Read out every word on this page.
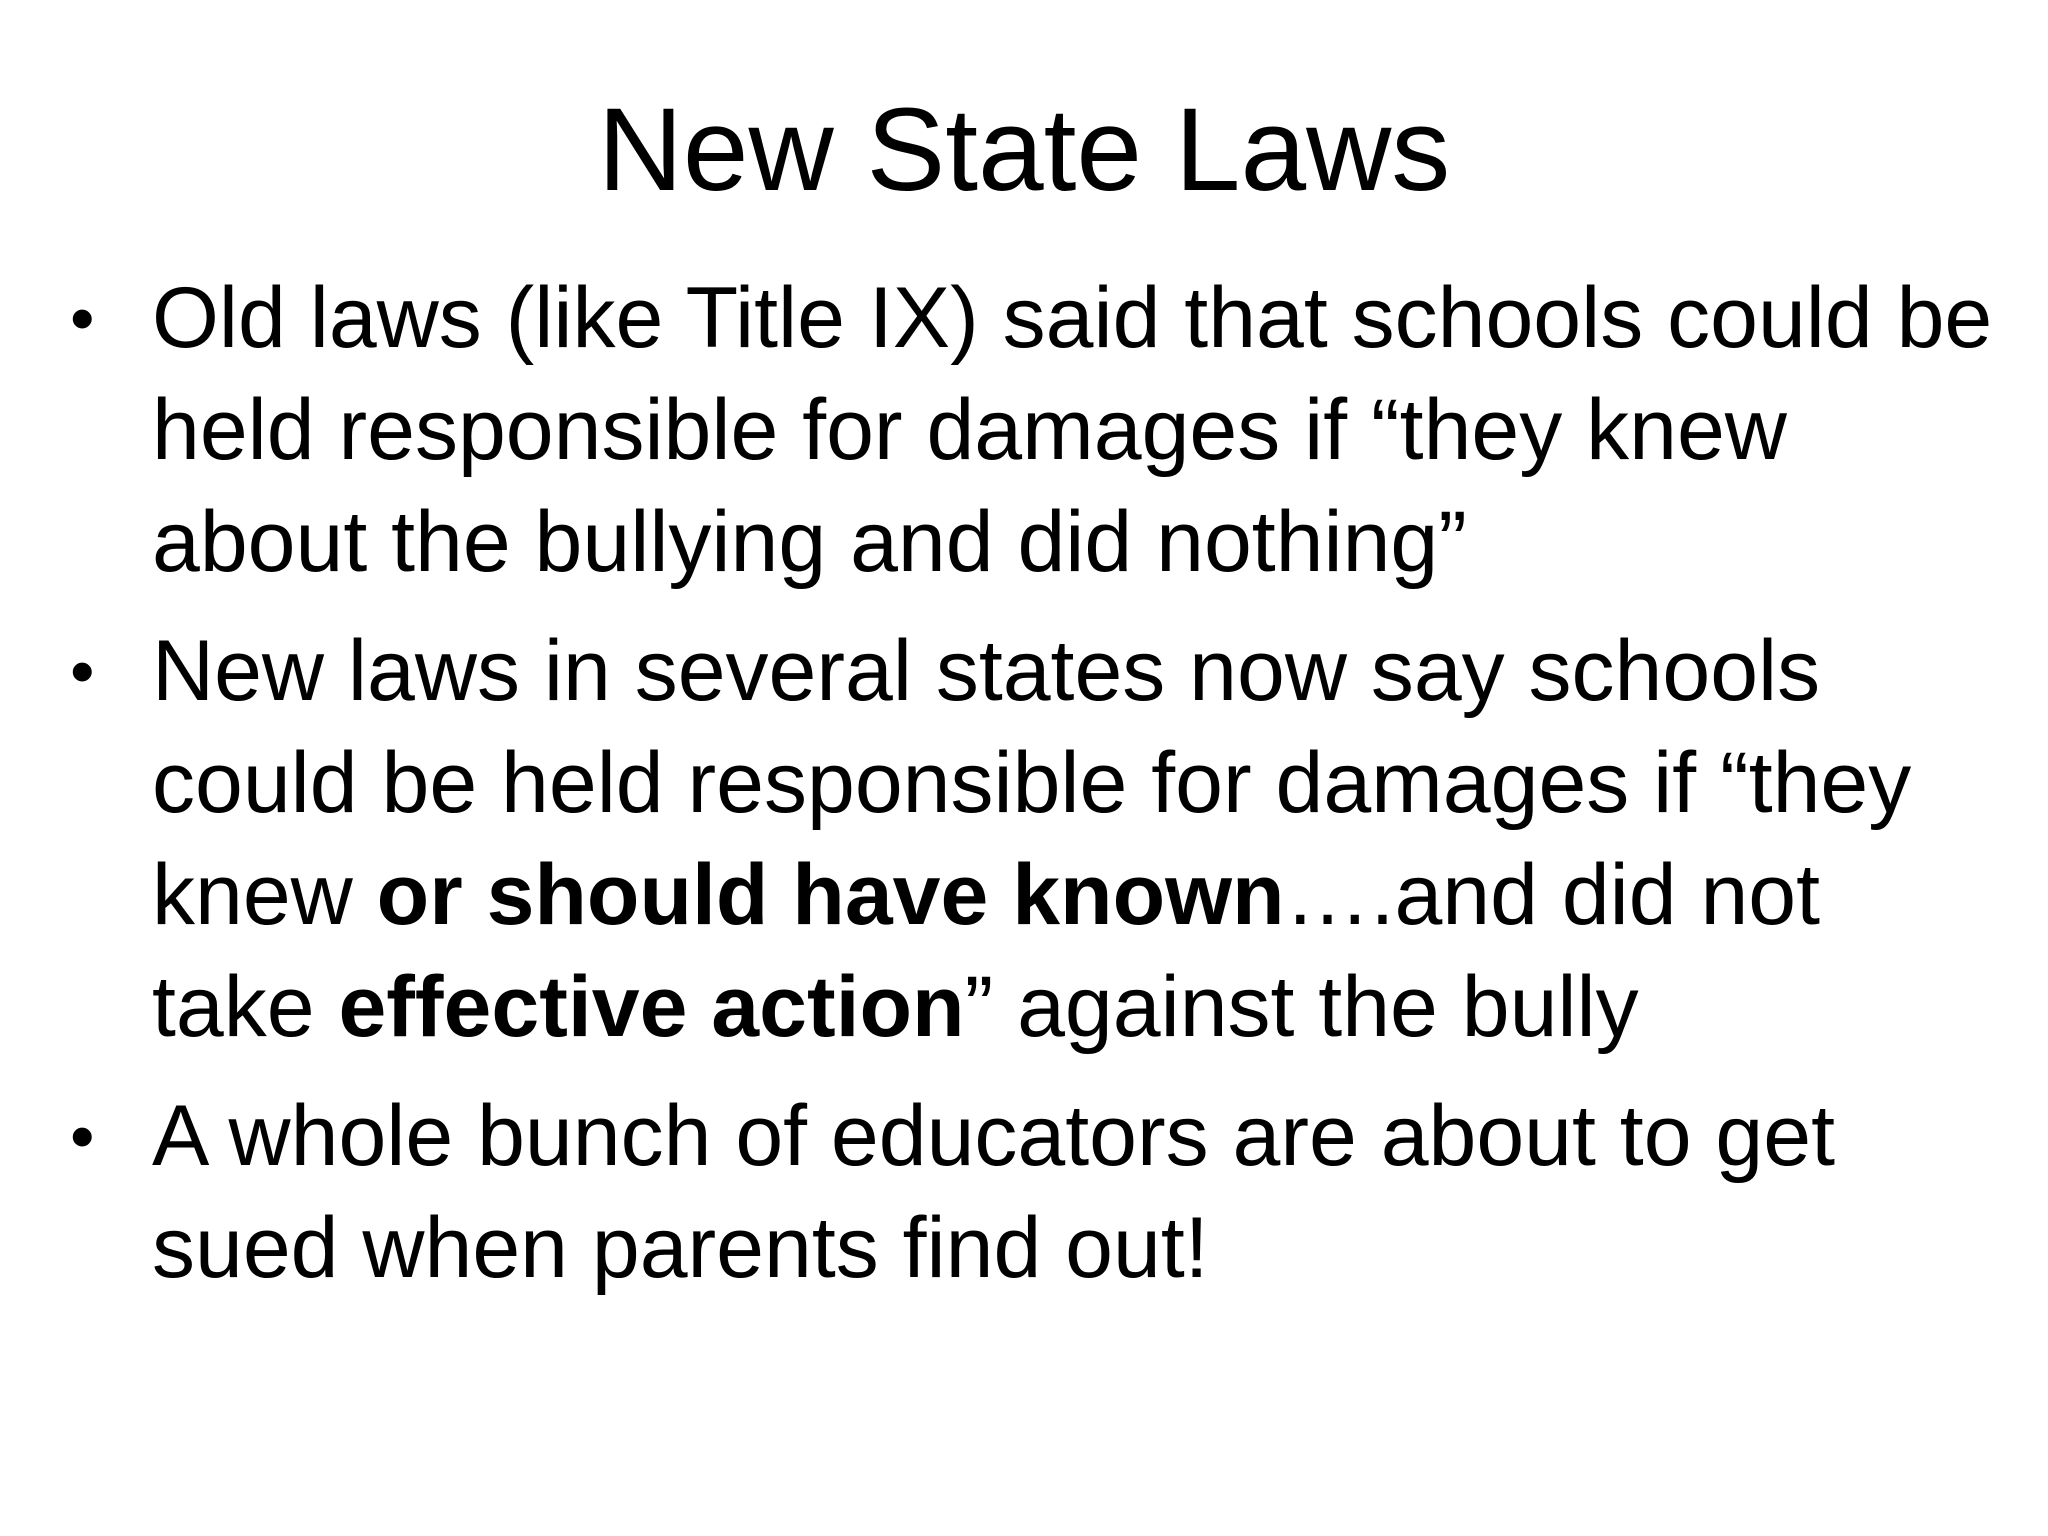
New State Laws
• Old laws (like Title IX) said that schools could be held responsible for damages if “they knew about the bullying and did nothing”
• New laws in several states now say schools could be held responsible for damages if “they knew or should have known….and did not take effective action” against the bully
• A whole bunch of educators are about to get sued when parents find out!
